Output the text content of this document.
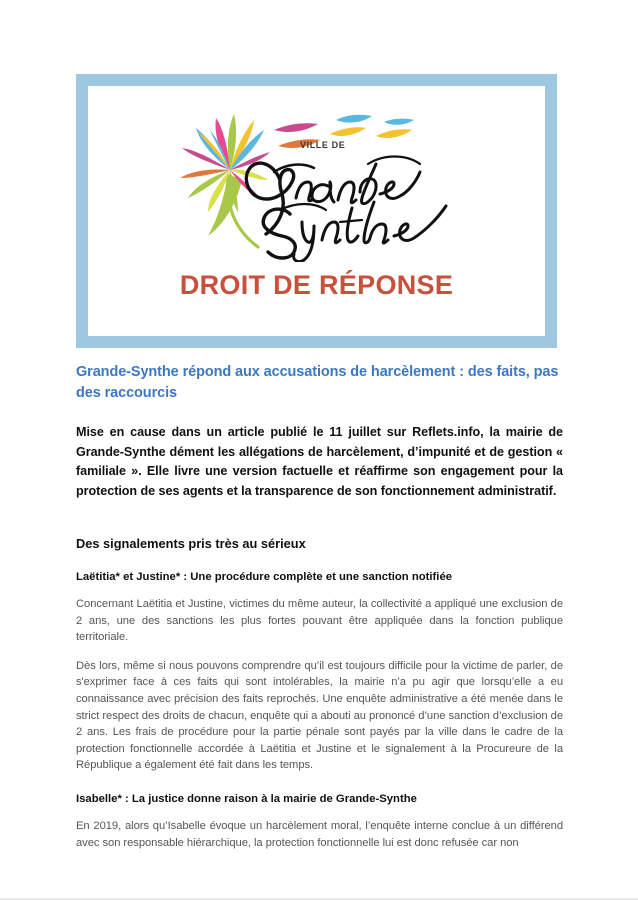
VILLE DE
DROIT DE RÉPONSE
Grande-Synthe répond aux accusations de harcèlement : des faits, pas des raccourcis

Mise en cause dans un article publié le 11 juillet sur Reflets.info, la mairie de Grande-Synthe dément les allégations de harcèlement, d’impunité et de gestion « familiale ». Elle livre une version factuelle et réaffirme son engagement pour la protection de ses agents et la transparence de son fonctionnement administratif.

Des signalements pris très au sérieux
Laëtitia* et Justine* : Une procédure complète et une sanction notifiée

Concernant Laëtitia et Justine, victimes du même auteur, la collectivité a appliqué une exclusion de 2 ans, une des sanctions les plus fortes pouvant être appliquée dans la fonction publique territoriale.

Dès lors, même si nous pouvons comprendre qu’il est toujours difficile pour la victime de parler, de s'exprimer face à ces faits qui sont intolérables, la mairie n’a pu agir que lorsqu’elle a eu connaissance avec précision des faits reprochés. Une enquête administrative a été menée dans le strict respect des droits de chacun, enquête qui a abouti au prononcé d’une sanction d’exclusion de 2 ans. Les frais de procédure pour la partie pénale sont payés par la ville dans le cadre de la protection fonctionnelle accordée à Laëtitia et Justine et le signalement à la Procureure de la République a également été fait dans les temps.

Isabelle* : La justice donne raison à la mairie de Grande-Synthe

En 2019, alors qu’Isabelle évoque un harcèlement moral, l’enquête interne conclue à un différend avec son responsable hiérarchique, la protection fonctionnelle lui est donc refusée car non
